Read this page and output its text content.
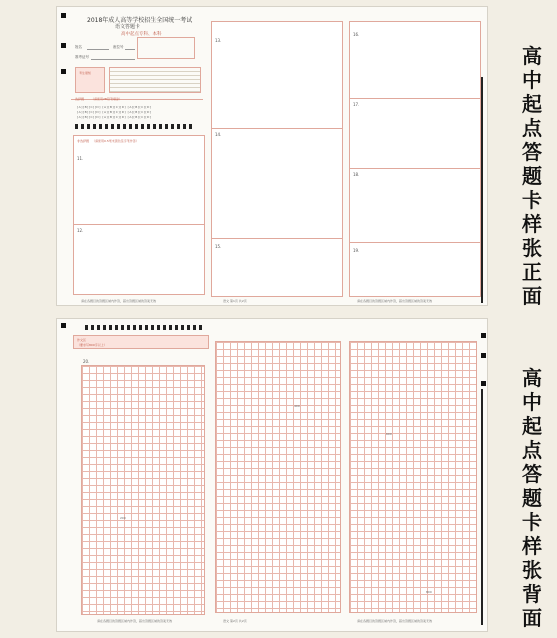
2018年成人高等学校招生全国统一考试
语文答题卡
高中起点专科、本科
姓名	座位号
准考证号
考生须知
选择题 （请使用2B铅笔填涂）
[A][B][C][D] [A][B][C][D] [A][B][C][D]
[A][B][C][D] [A][B][C][D] [A][B][C][D]
[A][B][C][D] [A][B][C][D] [A][B][C][D]
非选择题 （请使用0.5毫米黑色签字笔作答）
11.
12.
请在各题目的答题区域内作答，超出答题区域的答案无效
13.
14.
15.
语文 第1页 共2页
16.
17.
18.
19.
请在各题目的答题区域内作答，超出答题区域的答案无效
作文区
（要求写800字以上）
20.
200
请在各题目的答题区域内作答，超出答题区域的答案无效
400
语文 第2页 共2页
600
800
请在各题目的答题区域内作答，超出答题区域的答案无效
高
中
起
点
答
题
卡
样
张
正
面
高
中
起
点
答
题
卡
样
张
背
面
